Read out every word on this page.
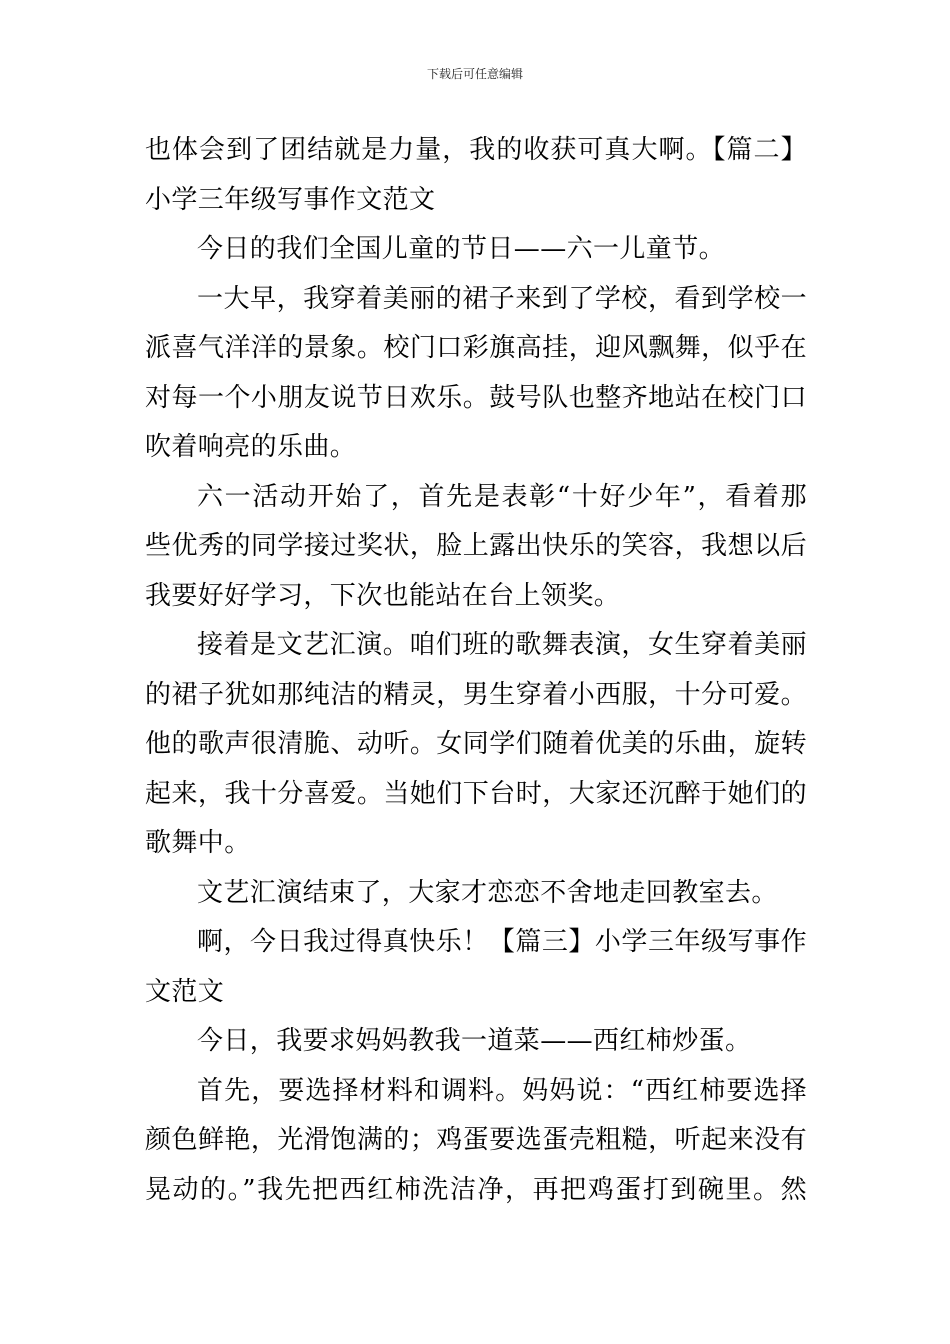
下载后可任意编辑
也体会到了团结就是力量，我的收获可真大啊。【篇二】
小学三年级写事作文范文
今日的我们全国儿童的节日——六一儿童节。
一大早，我穿着美丽的裙子来到了学校，看到学校一
派喜气洋洋的景象。校门口彩旗高挂，迎风飘舞，似乎在
对每一个小朋友说节日欢乐。鼓号队也整齐地站在校门口
吹着响亮的乐曲。
六一活动开始了，首先是表彰“十好少年”，看着那
些优秀的同学接过奖状，脸上露出快乐的笑容，我想以后
我要好好学习，下次也能站在台上领奖。
接着是文艺汇演。咱们班的歌舞表演，女生穿着美丽
的裙子犹如那纯洁的精灵，男生穿着小西服，十分可爱。
他的歌声很清脆、动听。女同学们随着优美的乐曲，旋转
起来，我十分喜爱。当她们下台时，大家还沉醉于她们的
歌舞中。
文艺汇演结束了，大家才恋恋不舍地走回教室去。
啊，今日我过得真快乐！【篇三】小学三年级写事作
文范文
今日，我要求妈妈教我一道菜——西红柿炒蛋。
首先，要选择材料和调料。妈妈说：“西红柿要选择
颜色鲜艳，光滑饱满的；鸡蛋要选蛋壳粗糙，听起来没有
晃动的。”我先把西红柿洗洁净，再把鸡蛋打到碗里。然
